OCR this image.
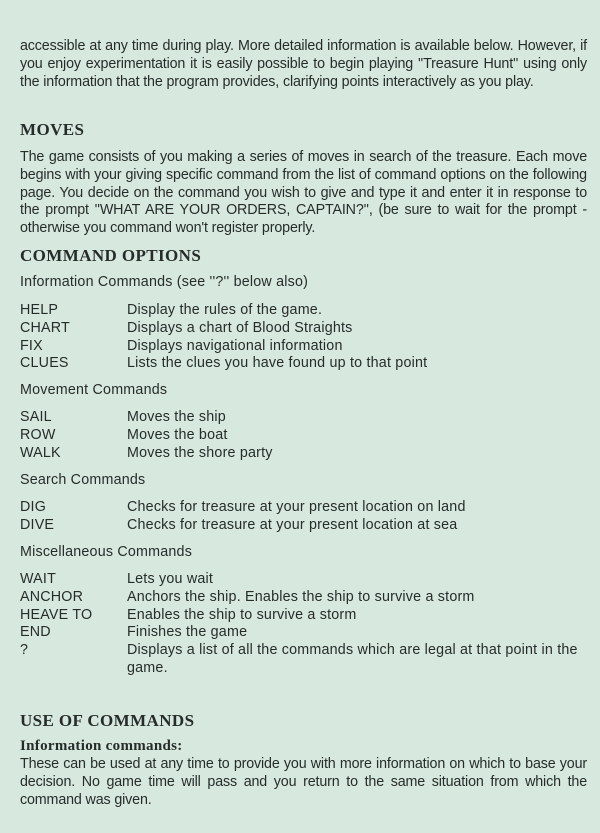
accessible at any time during play. More detailed information is available below. However, if you enjoy experimentation it is easily possible to begin playing ''Treasure Hunt'' using only the information that the program provides, clarifying points interactively as you play.

MOVES

The game consists of you making a series of moves in search of the treasure. Each move begins with your giving specific command from the list of command options on the following page. You decide on the command you wish to give and type it and enter it in response to the prompt ''WHAT ARE YOUR ORDERS, CAPTAIN?'', (be sure to wait for the prompt - otherwise you command won't register properly.

COMMAND OPTIONS

Information Commands (see ''?'' below also)

HELP	Display the rules of the game.
CHART	Displays a chart of Blood Straights
FIX	Displays navigational information
CLUES	Lists the clues you have found up to that point

Movement Commands

SAIL	Moves the ship
ROW	Moves the boat
WALK	Moves the shore party

Search Commands

DIG	Checks for treasure at your present location on land
DIVE	Checks for treasure at your present location at sea

Miscellaneous Commands

WAIT	Lets you wait
ANCHOR	Anchors the ship. Enables the ship to survive a storm
HEAVE TO	Enables the ship to survive a storm
END	Finishes the game
?	Displays a list of all the commands which are legal at that point in the game.
USE OF COMMANDS
Information commands:

These can be used at any time to provide you with more information on which to base your decision. No game time will pass and you return to the same situation from which the command was given.
